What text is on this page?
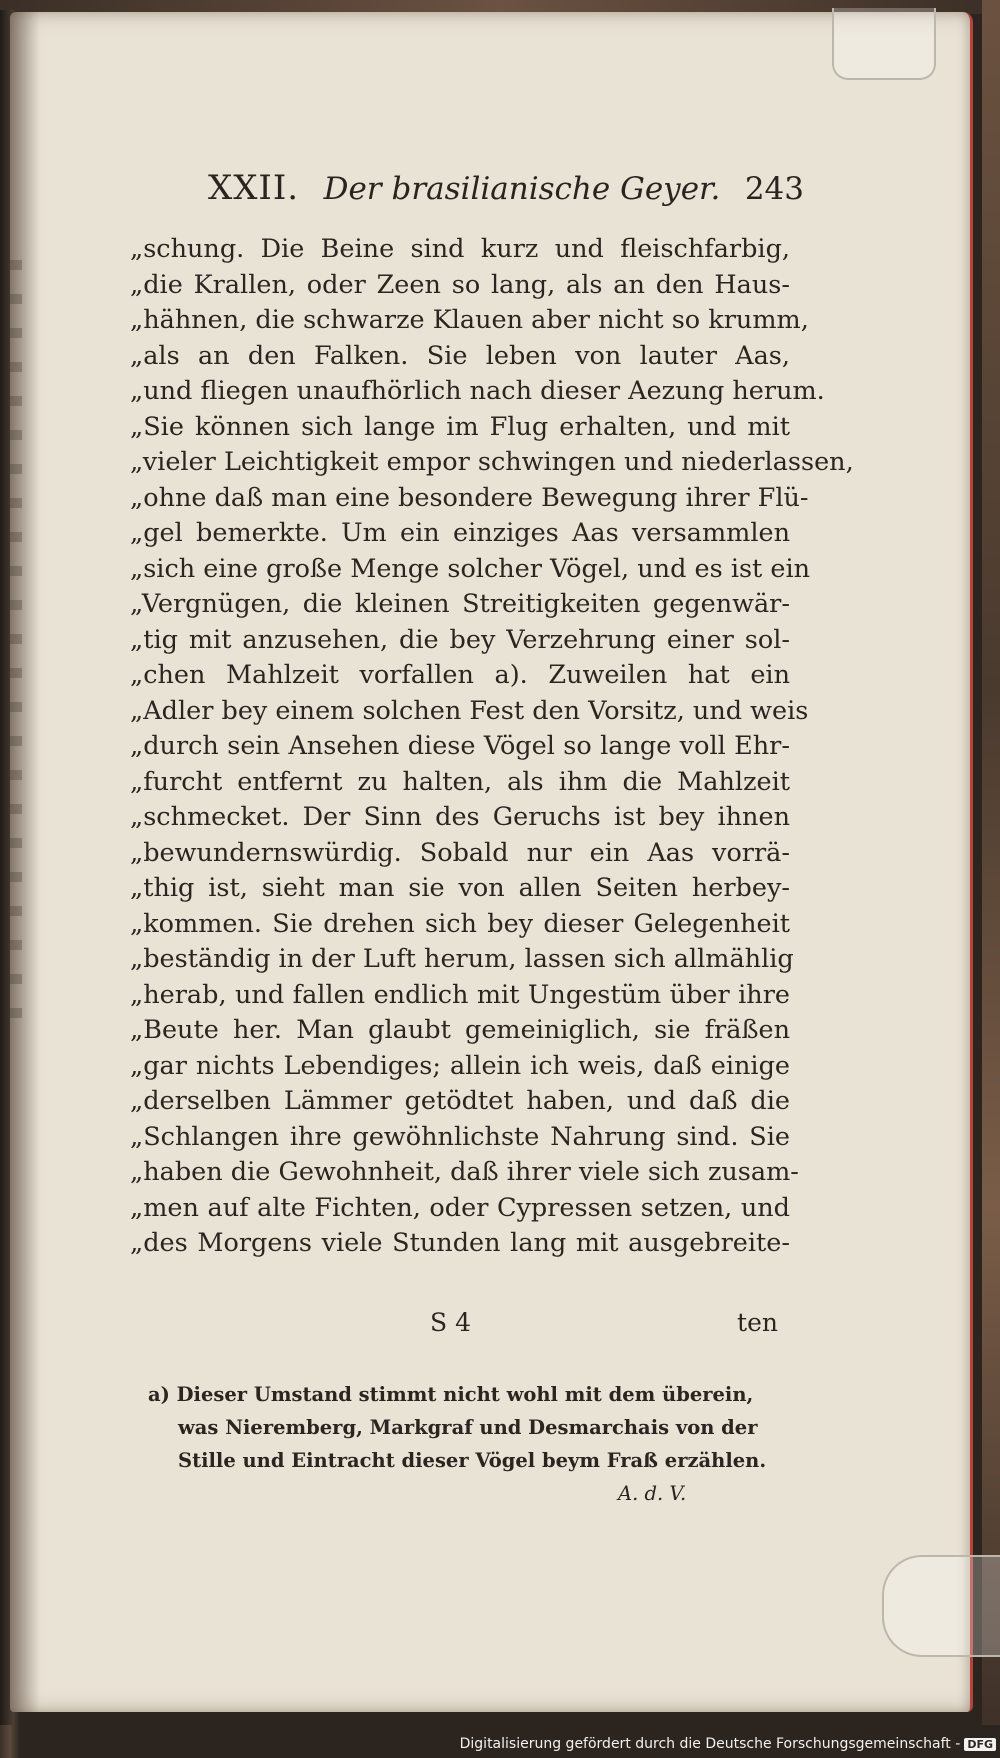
XXII. Der brasilianische Geyer. 243
„schung. Die Beine sind kurz und fleischfarbig,
„die Krallen, oder Zeen so lang, als an den Haus-
„hähnen, die schwarze Klauen aber nicht so krumm,
„als an den Falken. Sie leben von lauter Aas,
„und fliegen unaufhörlich nach dieser Aezung herum.
„Sie können sich lange im Flug erhalten, und mit
„vieler Leichtigkeit empor schwingen und niederlassen,
„ohne daß man eine besondere Bewegung ihrer Flü-
„gel bemerkte. Um ein einziges Aas versammlen
„sich eine große Menge solcher Vögel, und es ist ein
„Vergnügen, die kleinen Streitigkeiten gegenwär-
„tig mit anzusehen, die bey Verzehrung einer sol-
„chen Mahlzeit vorfallen a). Zuweilen hat ein
„Adler bey einem solchen Fest den Vorsitz, und weis
„durch sein Ansehen diese Vögel so lange voll Ehr-
„furcht entfernt zu halten, als ihm die Mahlzeit
„schmecket. Der Sinn des Geruchs ist bey ihnen
„bewundernswürdig. Sobald nur ein Aas vorrä-
„thig ist, sieht man sie von allen Seiten herbey-
„kommen. Sie drehen sich bey dieser Gelegenheit
„beständig in der Luft herum, lassen sich allmählig
„herab, und fallen endlich mit Ungestüm über ihre
„Beute her. Man glaubt gemeiniglich, sie fräßen
„gar nichts Lebendiges; allein ich weis, daß einige
„derselben Lämmer getödtet haben, und daß die
„Schlangen ihre gewöhnlichste Nahrung sind. Sie
„haben die Gewohnheit, daß ihrer viele sich zusam-
„men auf alte Fichten, oder Cypressen setzen, und
„des Morgens viele Stunden lang mit ausgebreite-
S 4	ten
a) Dieser Umstand stimmt nicht wohl mit dem überein,
was Nieremberg, Markgraf und Desmarchais von der
Stille und Eintracht dieser Vögel beym Fraß erzählen.
A. d. V.
Digitalisierung gefördert durch die Deutsche Forschungsgemeinschaft - DFG
